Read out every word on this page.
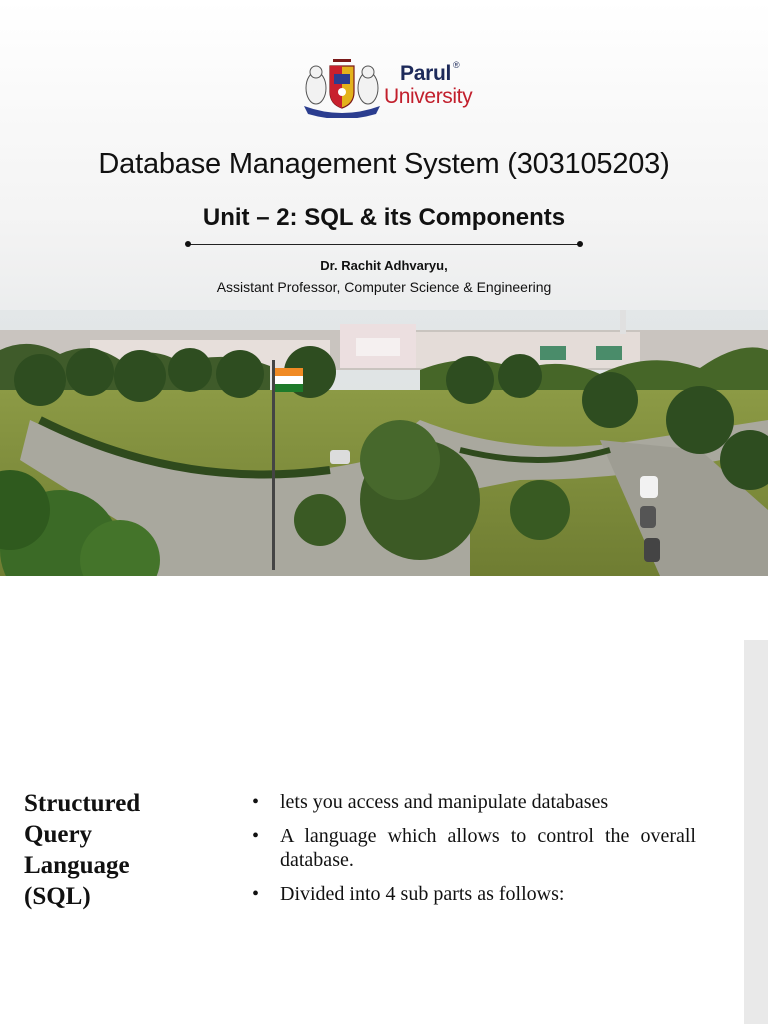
Parul ®
University
Database Management System (303105203)
Unit – 2: SQL & its Components
Dr. Rachit Adhvaryu,
Assistant Professor, Computer Science & Engineering
Structured
Query
Language
(SQL)
• lets you access and manipulate databases
• A language which allows to control the overall database.
• Divided into 4 sub parts as follows:
